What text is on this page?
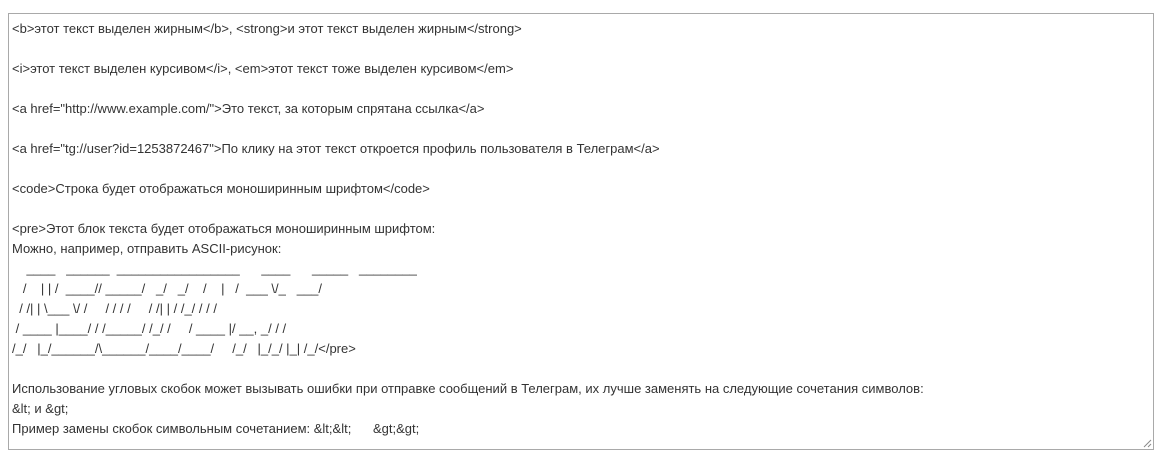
<b>этот текст выделен жирным</b>, <strong>и этот текст выделен жирным</strong>
<i>этот текст выделен курсивом</i>, <em>этот текст тоже выделен курсивом</em>
<a href="http://www.example.com/">Это текст, за которым спрятана ссылка</a>
<a href="tg://user?id=1253872467">По клику на этот текст откроется профиль пользователя в Телеграм</a>
<code>Строка будет отображаться моноширинным шрифтом</code>
<pre>Этот блок текста будет отображаться моноширинным шрифтом:
Можно, например, отправить ASCII-рисунок:
____   ______  _________________      ____      _____   ________
/    | | /  ____// _____/   _/   _/    /    |   /  ___ \/_   ___/
/ /| | \___ \/ /     / / / /     / /| | / /_/ / / /
/ ____ |____/ / /_____/ /_/ /     / ____ |/ __, _/ / /
/_/   |_/______/\______/____/____/     /_/   |_/_/ |_| /_/</pre>
Использование угловых скобок может вызывать ошибки при отправке сообщений в Телеграм, их лучше заменять на следующие сочетания символов:
&lt; и &gt;
Пример замены скобок символьным сочетанием: &lt;&lt;      &gt;&gt;
